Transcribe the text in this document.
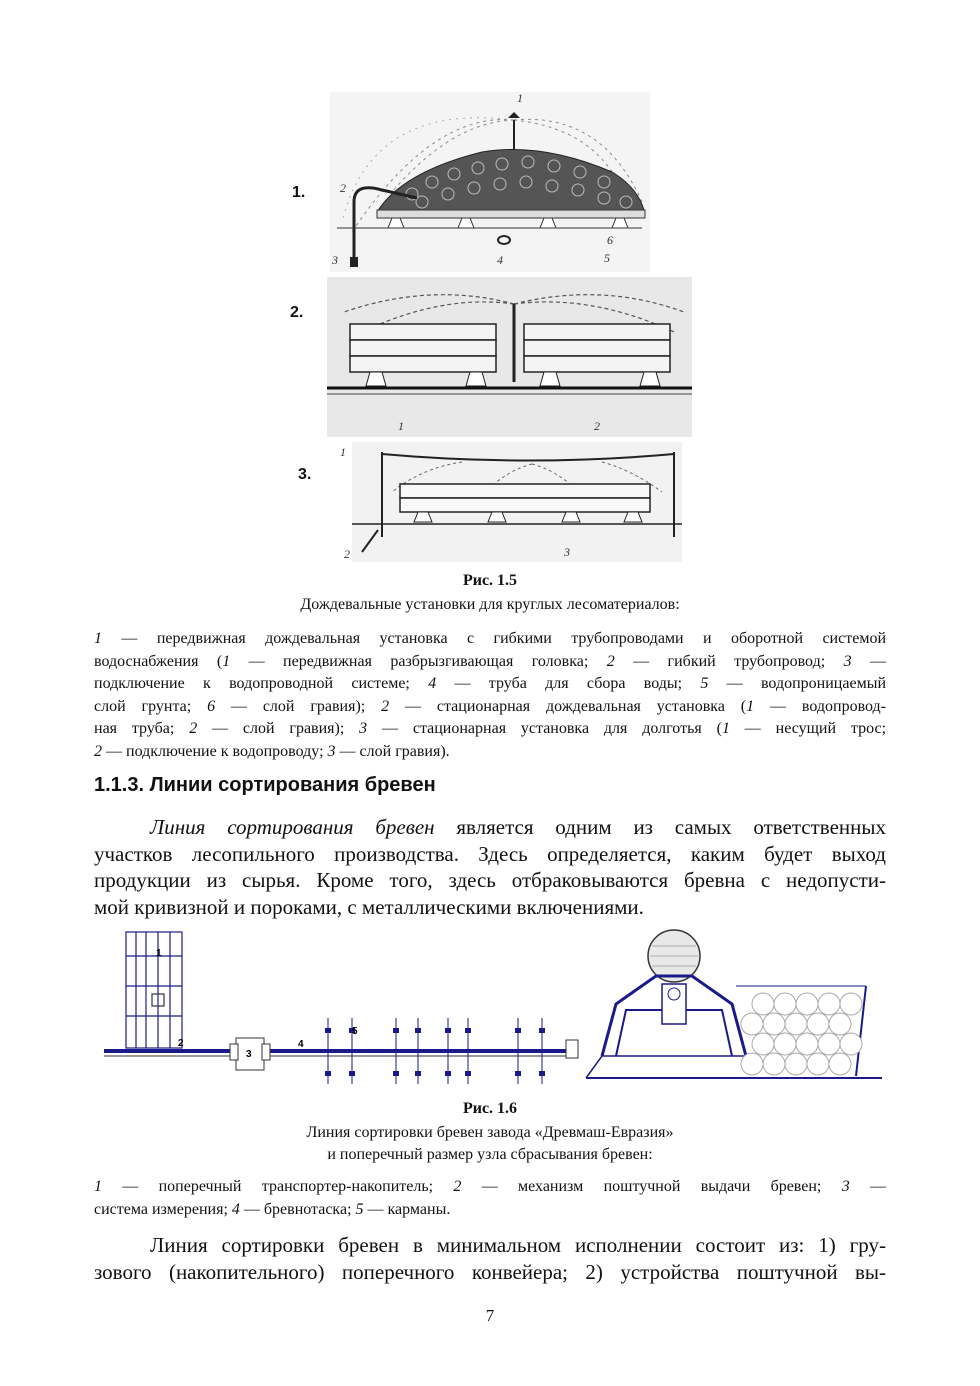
1.
2.
3.
1
2
3	4	5
6
1	2
1
2	3
Рис. 1.5
Дождевальные установки для круглых лесоматериалов:
1 — передвижная дождевальная установка с гибкими трубопроводами и оборотной системой
водоснабжения (1 — передвижная разбрызгивающая головка; 2 — гибкий трубопровод; 3 —
подключение к водопроводной системе; 4 — труба для сбора воды; 5 — водопроницаемый
слой грунта; 6 — слой гравия); 2 — стационарная дождевальная установка (1 — водопровод-
ная труба; 2 — слой гравия); 3 — стационарная установка для долготья (1 — несущий трос;
2 — подключение к водопроводу; 3 — слой гравия).
1.1.3. Линии сортирования бревен
Линия сортирования бревен является одним из самых ответственных
участков лесопильного производства. Здесь определяется, каким будет выход
продукции из сырья. Кроме того, здесь отбраковываются бревна с недопусти-
мой кривизной и пороками, с металлическими включениями.
1
2
3
4
5
Рис. 1.6
Линия сортировки бревен завода «Древмаш-Евразия»
и поперечный размер узла сбрасывания бревен:
1 — поперечный транспортер-накопитель; 2 — механизм поштучной выдачи бревен; 3 —
система измерения; 4 — бревнотаска; 5 — карманы.
Линия сортировки бревен в минимальном исполнении состоит из: 1) гру-
зового (накопительного) поперечного конвейера; 2) устройства поштучной вы-
7
